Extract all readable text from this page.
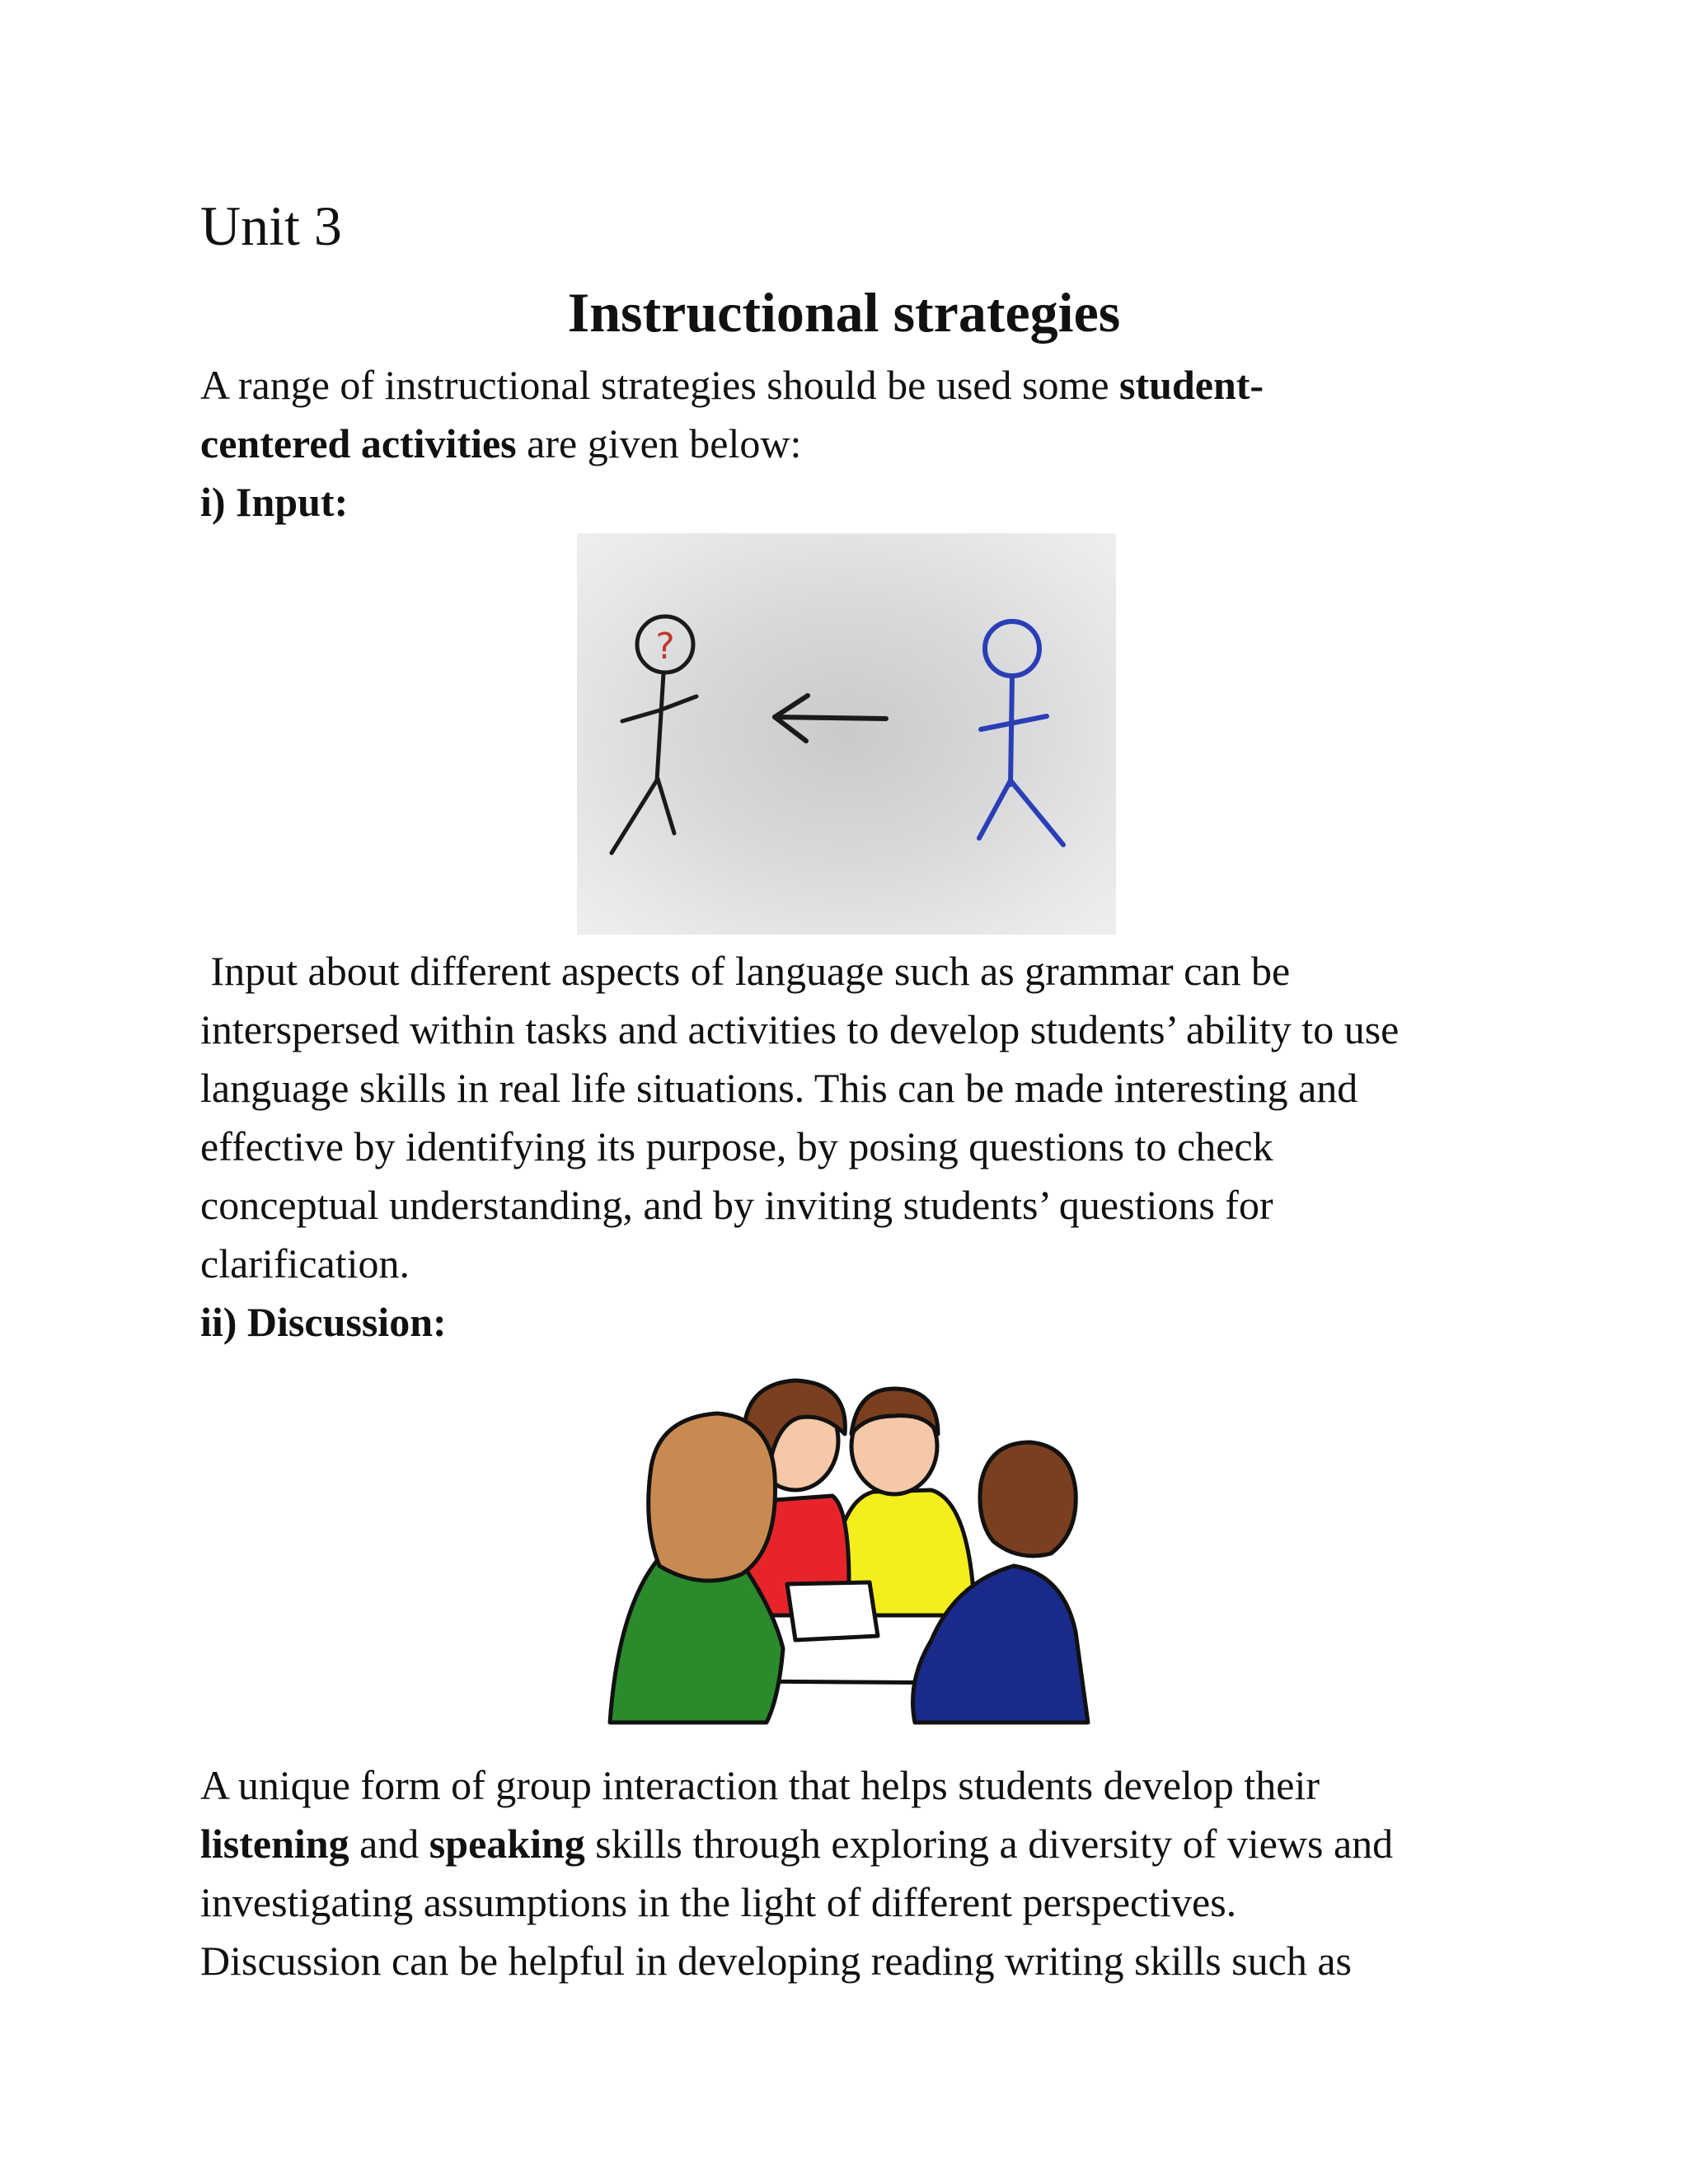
Unit 3
Instructional strategies
A range of instructional strategies should be used some student-
centered activities are given below:
i) Input:
?
Input about different aspects of language such as grammar can be
interspersed within tasks and activities to develop students’ ability to use
language skills in real life situations. This can be made interesting and
effective by identifying its purpose, by posing questions to check
conceptual understanding, and by inviting students’ questions for
clarification.
ii) Discussion:
A unique form of group interaction that helps students develop their
listening and speaking skills through exploring a diversity of views and
investigating assumptions in the light of different perspectives.
Discussion can be helpful in developing reading writing skills such as
